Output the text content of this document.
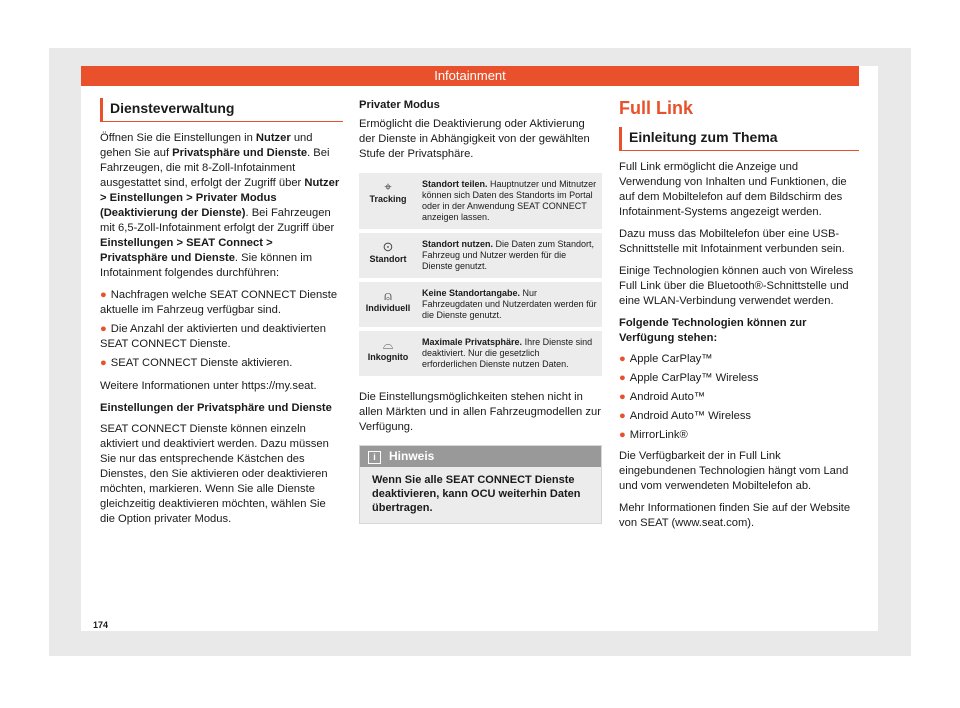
Infotainment
Diensteverwaltung

Öffnen Sie die Einstellungen in Nutzer und gehen Sie auf Privatsphäre und Dienste. Bei Fahrzeugen, die mit 8-Zoll-Infotainment ausgestattet sind, erfolgt der Zugriff über Nutzer > Einstellungen > Privater Modus (Deaktivierung der Dienste). Bei Fahrzeugen mit 6,5-Zoll-Infotainment erfolgt der Zugriff über Einstellungen > SEAT Connect > Privatsphäre und Dienste. Sie können im Infotainment folgendes durchführen:

● Nachfragen welche SEAT CONNECT Dienste aktuelle im Fahrzeug verfügbar sind.
● Die Anzahl der aktivierten und deaktivierten SEAT CONNECT Dienste.
● SEAT CONNECT Dienste aktivieren.

Weitere Informationen unter https://my.seat.

Einstellungen der Privatsphäre und Dienste

SEAT CONNECT Dienste können einzeln aktiviert und deaktiviert werden. Dazu müssen Sie nur das entsprechende Kästchen des Dienstes, den Sie aktivieren oder deaktivieren möchten, markieren. Wenn Sie alle Dienste gleichzeitig deaktivieren möchten, wählen Sie die Option privater Modus.

Privater Modus

Ermöglicht die Deaktivierung oder Aktivierung der Dienste in Abhängigkeit von der gewählten Stufe der Privatsphäre.

⌖
Tracking	Standort teilen. Hauptnutzer und Mitnutzer können sich Daten des Standorts im Portal oder in der Anwendung SEAT CONNECT anzeigen lassen.

⊙
Standort	Standort nutzen. Die Daten zum Standort, Fahrzeug und Nutzer werden für die Dienste genutzt.

⍝
Individuell	Keine Standortangabe. Nur Fahrzeugdaten und Nutzerdaten werden für die Dienste genutzt.

⌓
Inkognito	Maximale Privatsphäre. Ihre Dienste sind deaktiviert. Nur die gesetzlich erforderlichen Dienste nutzen Daten.

Die Einstellungsmöglichkeiten stehen nicht in allen Märkten und in allen Fahrzeugmodellen zur Verfügung.

i Hinweis
Wenn Sie alle SEAT CONNECT Dienste deaktivieren, kann OCU weiterhin Daten übertragen.
Full Link
Einleitung zum Thema

Full Link ermöglicht die Anzeige und Verwendung von Inhalten und Funktionen, die auf dem Mobiltelefon auf dem Bildschirm des Infotainment-Systems angezeigt werden.

Dazu muss das Mobiltelefon über eine USB-Schnittstelle mit Infotainment verbunden sein.

Einige Technologien können auch von Wireless Full Link über die Bluetooth®-Schnittstelle und eine WLAN-Verbindung verwendet werden.

Folgende Technologien können zur Verfügung stehen:
● Apple CarPlay™
● Apple CarPlay™ Wireless
● Android Auto™
● Android Auto™ Wireless
● MirrorLink®

Die Verfügbarkeit der in Full Link eingebundenen Technologien hängt vom Land und vom verwendeten Mobiltelefon ab.

Mehr Informationen finden Sie auf der Website von SEAT (www.seat.com).

174
